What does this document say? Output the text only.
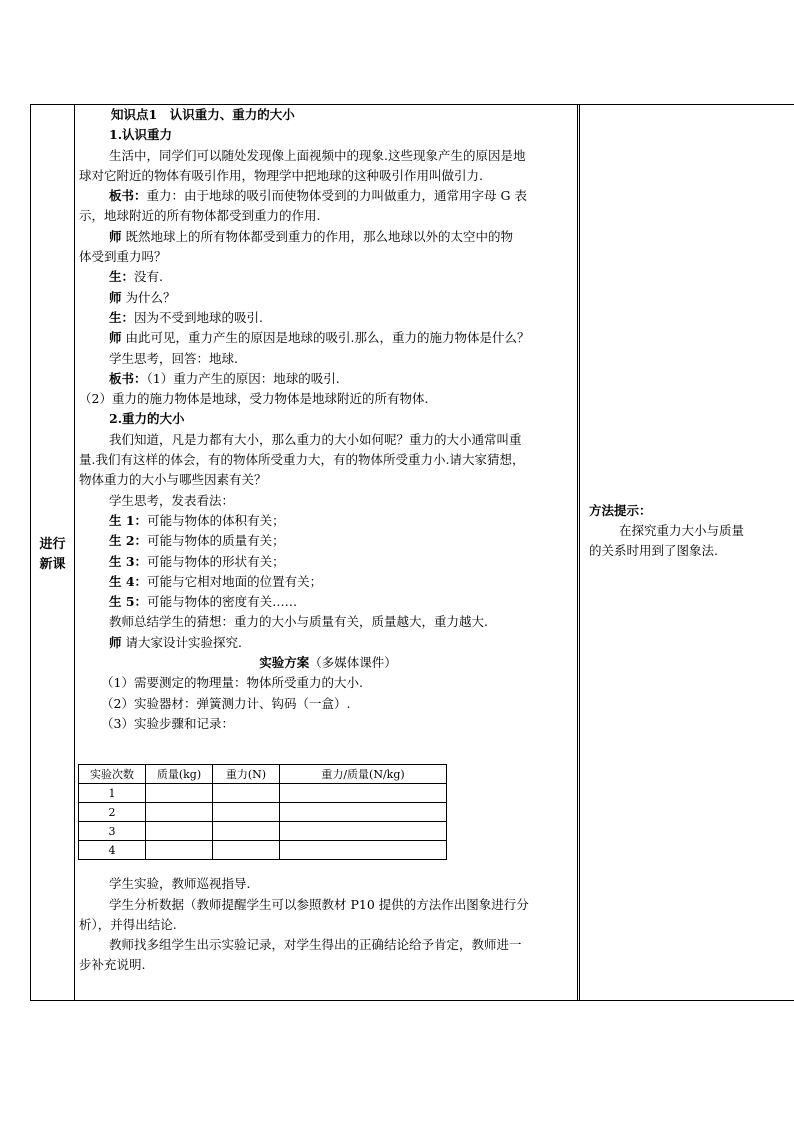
进行
新课

知识点1　认识重力、重力的大小

1.认识重力

生活中，同学们可以随处发现像上面视频中的现象.这些现象产生的原因是地

球对它附近的物体有吸引作用，物理学中把地球的这种吸引作用叫做引力.

板书：重力：由于地球的吸引而使物体受到的力叫做重力，通常用字母 G 表

示，地球附近的所有物体都受到重力的作用.

师 既然地球上的所有物体都受到重力的作用，那么地球以外的太空中的物

体受到重力吗？

生：没有.

师 为什么？

生：因为不受到地球的吸引.

师 由此可见，重力产生的原因是地球的吸引.那么，重力的施力物体是什么？

学生思考，回答：地球.

板书：（1）重力产生的原因：地球的吸引.

（2）重力的施力物体是地球，受力物体是地球附近的所有物体.

2.重力的大小

我们知道，凡是力都有大小，那么重力的大小如何呢？重力的大小通常叫重

量.我们有这样的体会，有的物体所受重力大，有的物体所受重力小.请大家猜想，

物体重力的大小与哪些因素有关？

学生思考，发表看法：

生 1：可能与物体的体积有关；

生 2：可能与物体的质量有关；

生 3：可能与物体的形状有关；

生 4：可能与它相对地面的位置有关；

生 5：可能与物体的密度有关……

教师总结学生的猜想：重力的大小与质量有关，质量越大，重力越大.

师 请大家设计实验探究.

实验方案（多媒体课件）

（1）需要测定的物理量：物体所受重力的大小.

（2）实验器材：弹簧测力计、钩码（一盒）.

（3）实验步骤和记录：

学生实验，教师巡视指导.

学生分析数据（教师提醒学生可以参照教材 P10 提供的方法作出图象进行分

析），并得出结论.

教师找多组学生出示实验记录，对学生得出的正确结论给予肯定，教师进一

步补充说明.

实验次数	质量(kg)	重力(N)	重力/质量(N/kg)
1			
2			
3			
4			

方法提示：

在探究重力大小与质量

的关系时用到了图象法.
